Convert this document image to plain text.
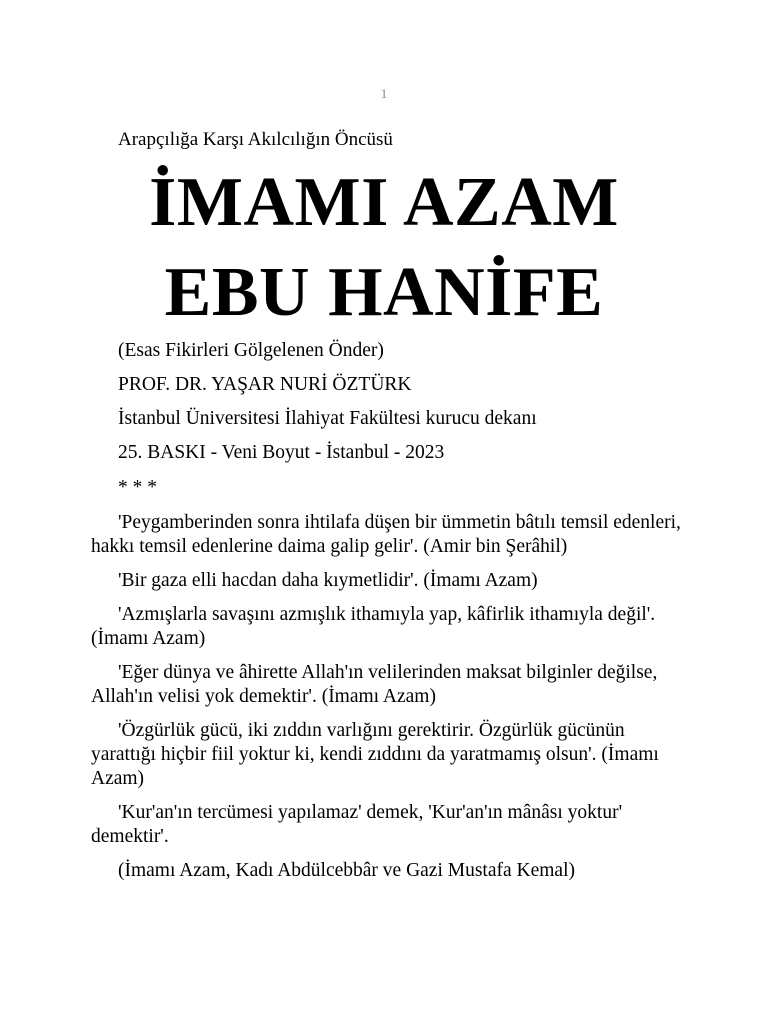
1
Arapçılığa Karşı Akılcılığın Öncüsü
İMAMI AZAM
EBU HANİFE
(Esas Fikirleri Gölgelenen Önder)
PROF. DR. YAŞAR NURİ ÖZTÜRK
İstanbul Üniversitesi İlahiyat Fakültesi kurucu dekanı
25. BASKI - Veni Boyut - İstanbul - 2023
* * *

'Peygamberinden sonra ihtilafa düşen bir ümmetin bâtılı temsil edenleri, hakkı temsil edenlerine daima galip gelir'. (Amir bin Şerâhil)

'Bir gaza elli hacdan daha kıymetlidir'. (İmamı Azam)

'Azmışlarla savaşını azmışlık ithamıyla yap, kâfirlik ithamıyla değil'. (İmamı Azam)

'Eğer dünya ve âhirette Allah'ın velilerinden maksat bilginler değilse, Allah'ın velisi yok demektir'. (İmamı Azam)

'Özgürlük gücü, iki zıddın varlığını gerektirir. Özgürlük gücünün yarattığı hiçbir fiil yoktur ki, kendi zıddını da yaratmamış olsun'. (İmamı Azam)

'Kur'an'ın tercümesi yapılamaz' demek, 'Kur'an'ın mânâsı yoktur' demektir'.

(İmamı Azam, Kadı Abdülcebbâr ve Gazi Mustafa Kemal)
